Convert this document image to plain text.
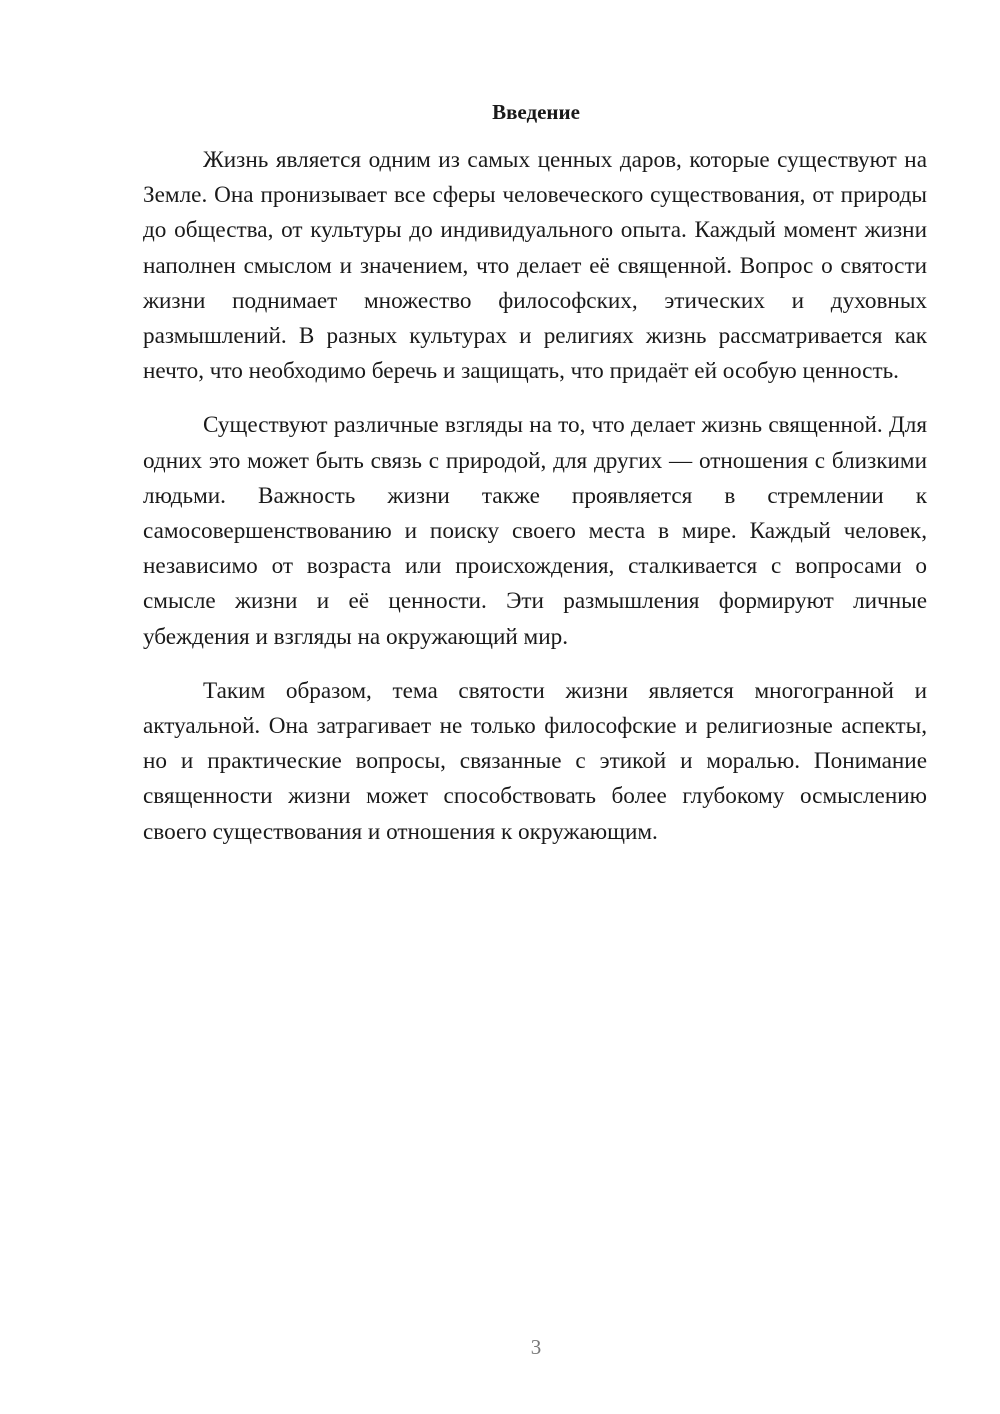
Введение

Жизнь является одним из самых ценных даров, которые существуют на Земле. Она пронизывает все сферы человеческого существования, от природы до общества, от культуры до индивидуального опыта. Каждый момент жизни наполнен смыслом и значением, что делает её священной. Вопрос о святости жизни поднимает множество философских, этических и духовных размышлений. В разных культурах и религиях жизнь рассматривается как нечто, что необходимо беречь и защищать, что придаёт ей особую ценность.

Существуют различные взгляды на то, что делает жизнь священной. Для одних это может быть связь с природой, для других — отношения с близкими людьми. Важность жизни также проявляется в стремлении к самосовершенствованию и поиску своего места в мире. Каждый человек, независимо от возраста или происхождения, сталкивается с вопросами о смысле жизни и её ценности. Эти размышления формируют личные убеждения и взгляды на окружающий мир.

Таким образом, тема святости жизни является многогранной и актуальной. Она затрагивает не только философские и религиозные аспекты, но и практические вопросы, связанные с этикой и моралью. Понимание священности жизни может способствовать более глубокому осмыслению своего существования и отношения к окружающим.

3
